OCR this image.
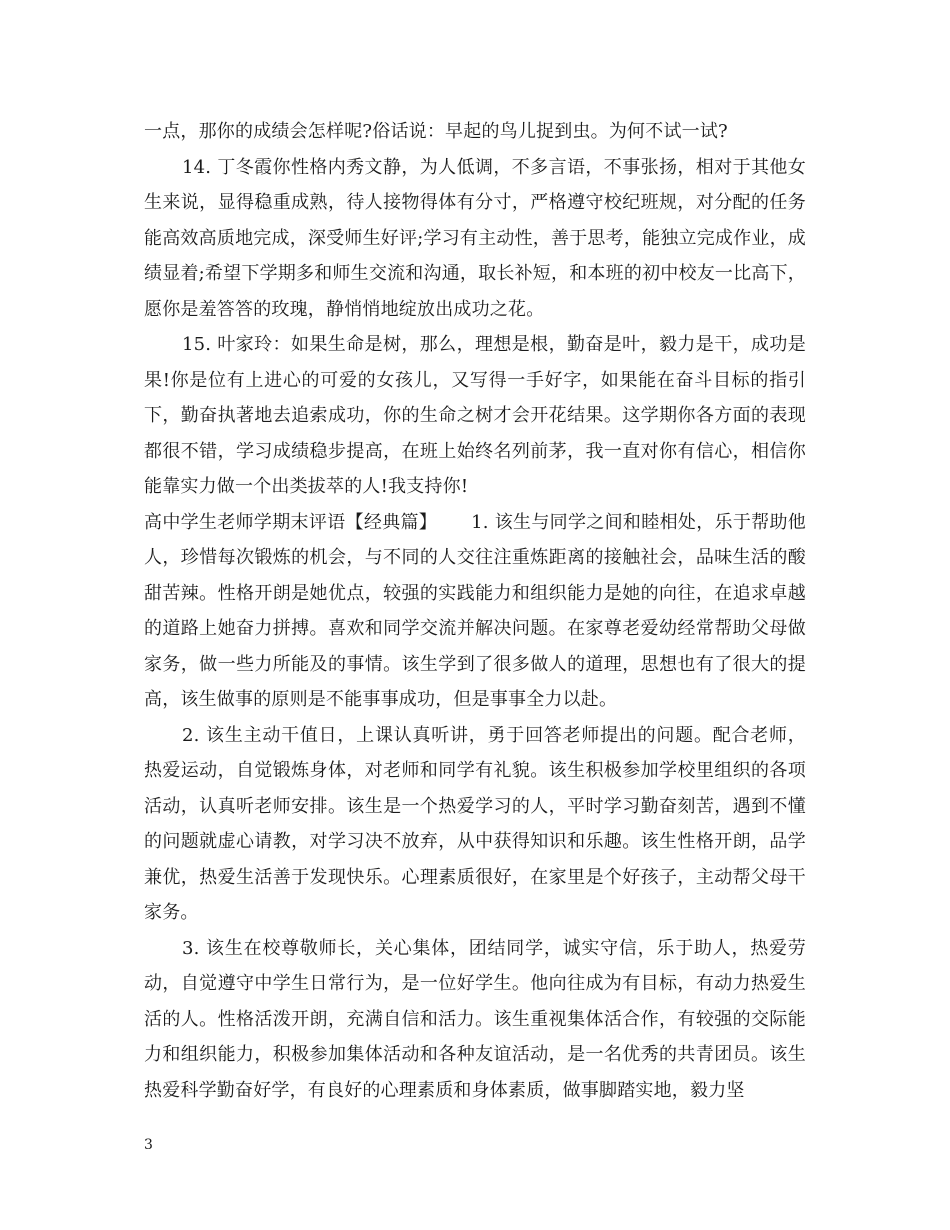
一点，那你的成绩会怎样呢?俗话说：早起的鸟儿捉到虫。为何不试一试?

14. 丁冬霞你性格内秀文静，为人低调，不多言语，不事张扬，相对于其他女生来说，显得稳重成熟，待人接物得体有分寸，严格遵守校纪班规，对分配的任务能高效高质地完成，深受师生好评;学习有主动性，善于思考，能独立完成作业，成绩显着;希望下学期多和师生交流和沟通，取长补短，和本班的初中校友一比高下，愿你是羞答答的玫瑰，静悄悄地绽放出成功之花。

15. 叶家玲：如果生命是树，那么，理想是根，勤奋是叶，毅力是干，成功是果!你是位有上进心的可爱的女孩儿，又写得一手好字，如果能在奋斗目标的指引下，勤奋执著地去追索成功，你的生命之树才会开花结果。这学期你各方面的表现都很不错，学习成绩稳步提高，在班上始终名列前茅，我一直对你有信心，相信你能靠实力做一个出类拔萃的人!我支持你!

高中学生老师学期末评语【经典篇】 1. 该生与同学之间和睦相处，乐于帮助他人，珍惜每次锻炼的机会，与不同的人交往注重炼距离的接触社会，品味生活的酸甜苦辣。性格开朗是她优点，较强的实践能力和组织能力是她的向往，在追求卓越的道路上她奋力拼搏。喜欢和同学交流并解决问题。在家尊老爱幼经常帮助父母做家务，做一些力所能及的事情。该生学到了很多做人的道理，思想也有了很大的提高，该生做事的原则是不能事事成功，但是事事全力以赴。

2. 该生主动干值日，上课认真听讲，勇于回答老师提出的问题。配合老师，热爱运动，自觉锻炼身体，对老师和同学有礼貌。该生积极参加学校里组织的各项活动，认真听老师安排。该生是一个热爱学习的人，平时学习勤奋刻苦，遇到不懂的问题就虚心请教，对学习决不放弃，从中获得知识和乐趣。该生性格开朗，品学兼优，热爱生活善于发现快乐。心理素质很好，在家里是个好孩子，主动帮父母干家务。

3. 该生在校尊敬师长，关心集体，团结同学，诚实守信，乐于助人，热爱劳动，自觉遵守中学生日常行为，是一位好学生。他向往成为有目标，有动力热爱生活的人。性格活泼开朗，充满自信和活力。该生重视集体活合作，有较强的交际能力和组织能力，积极参加集体活动和各种友谊活动，是一名优秀的共青团员。该生热爱科学勤奋好学，有良好的心理素质和身体素质，做事脚踏实地，毅力坚

3
